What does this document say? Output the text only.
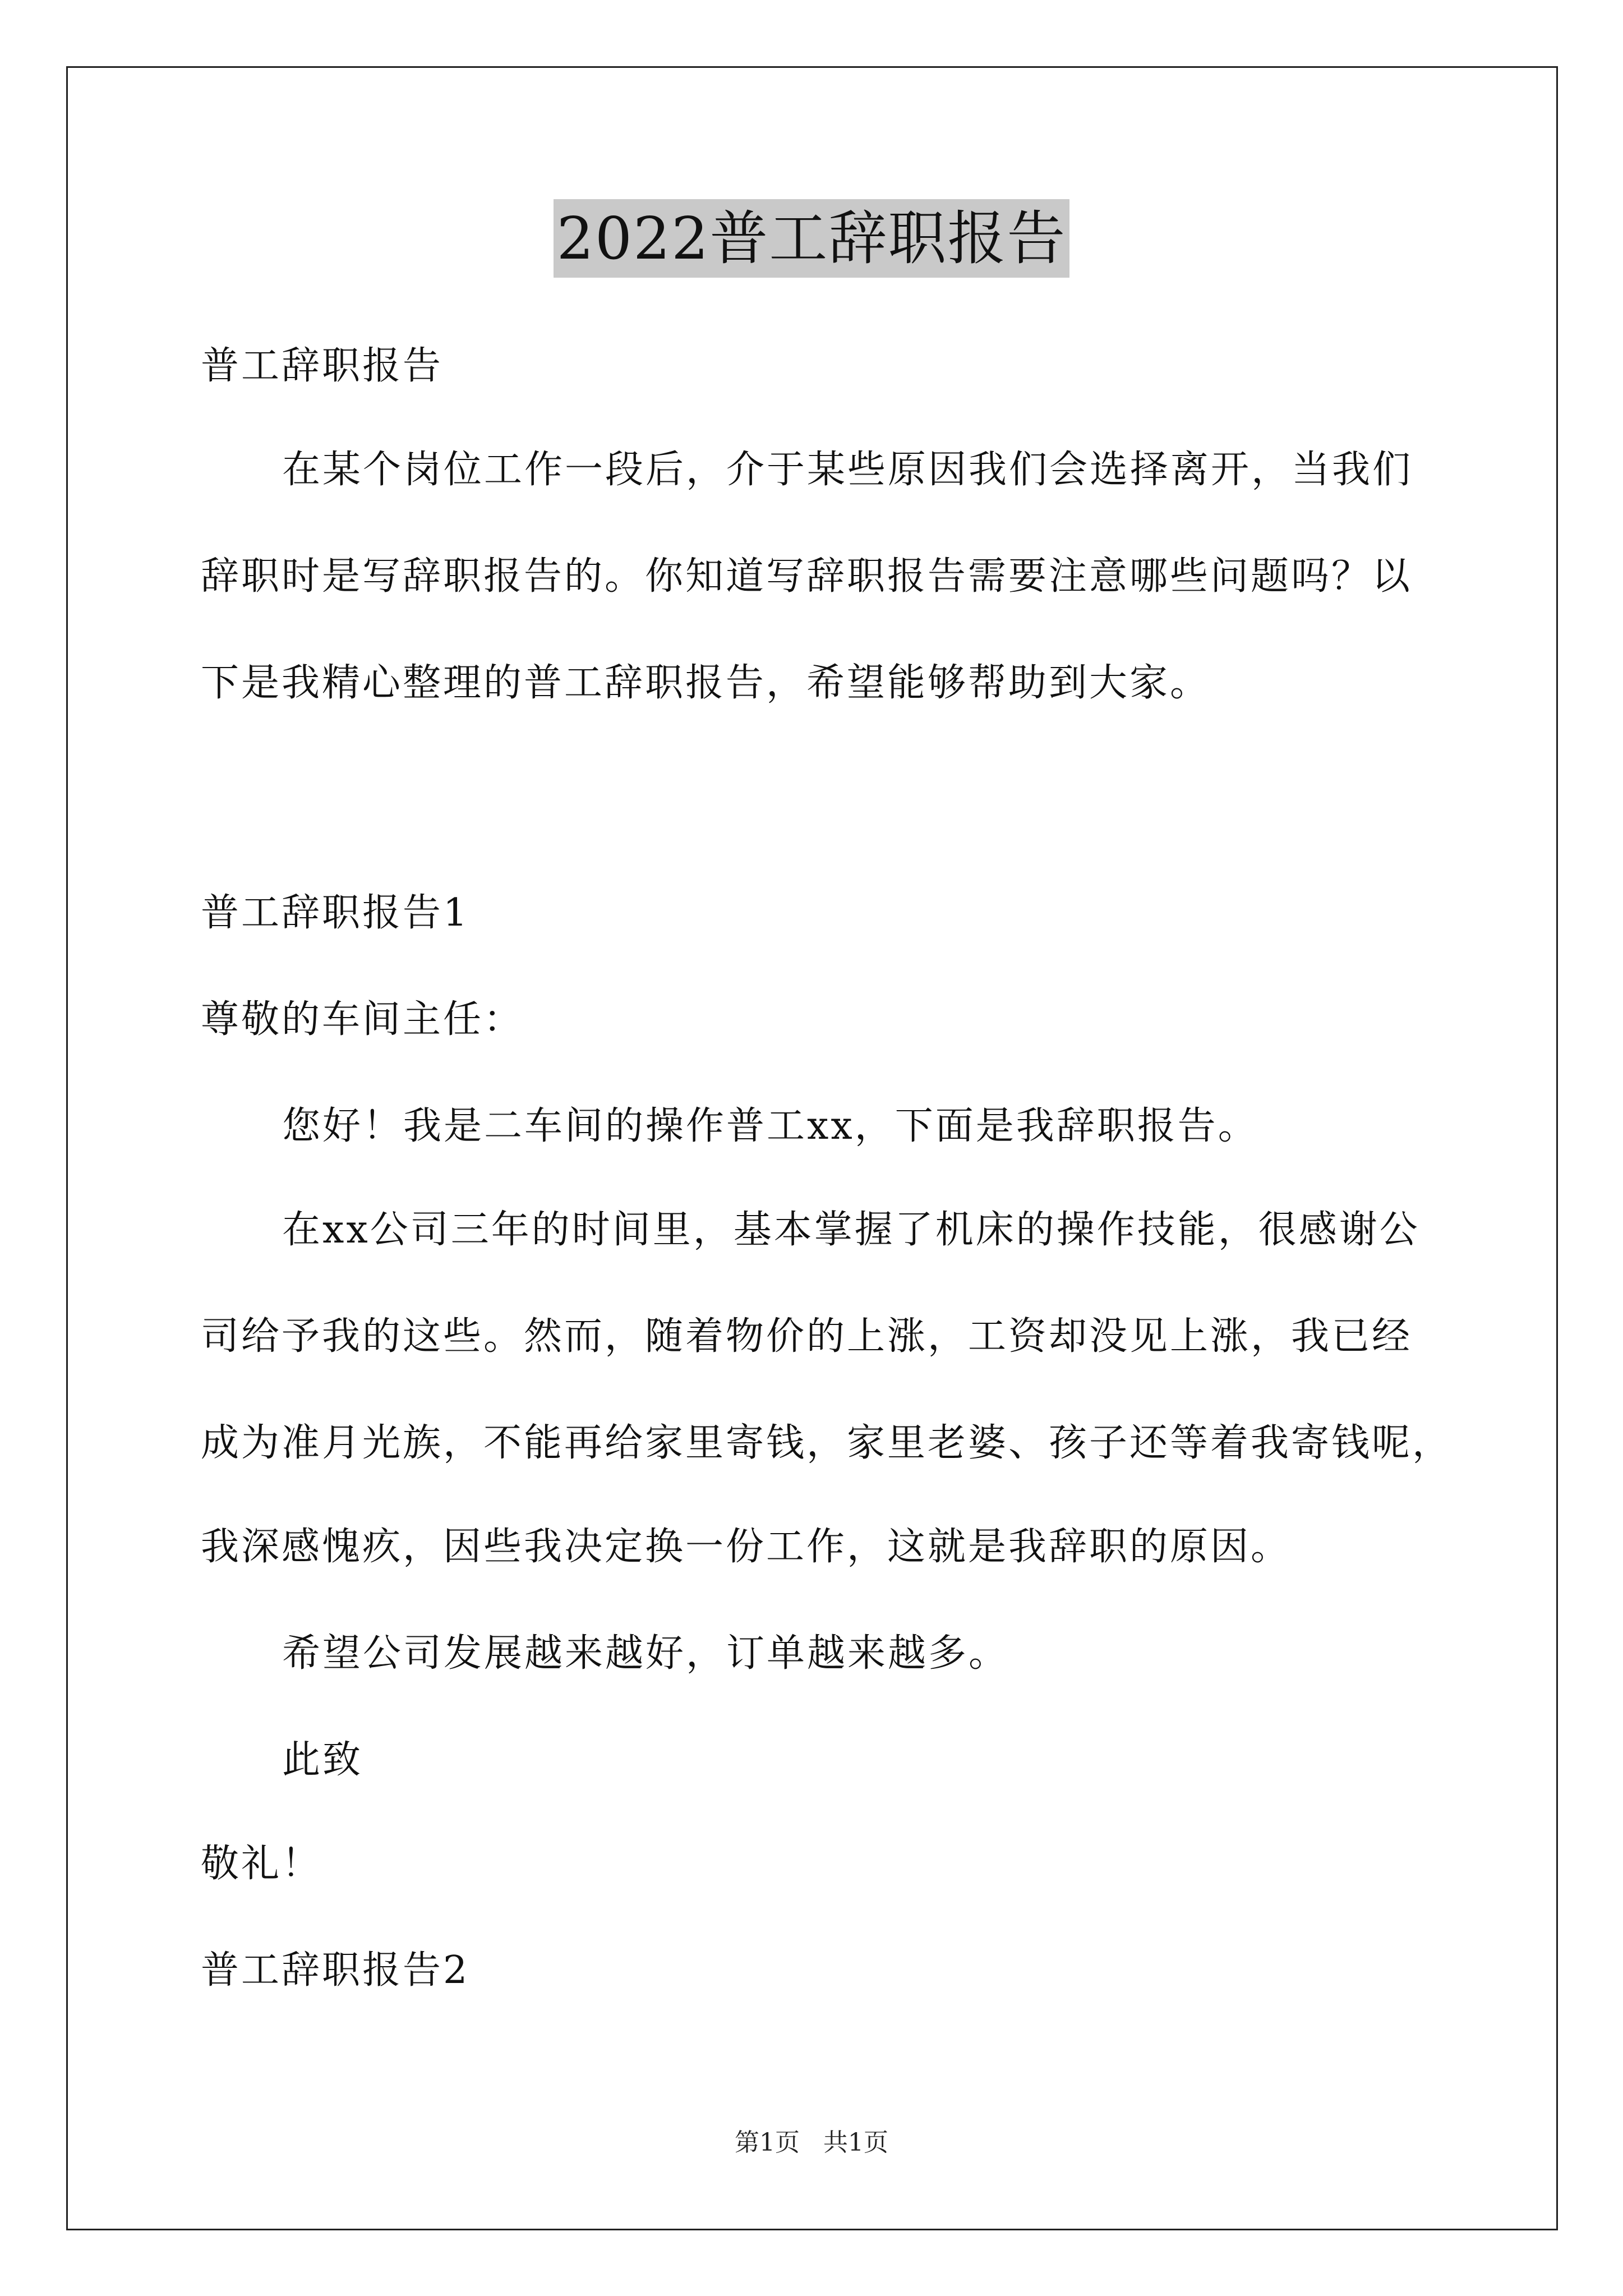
2022普工辞职报告
普工辞职报告
在某个岗位工作一段后，介于某些原因我们会选择离开，当我们
辞职时是写辞职报告的。你知道写辞职报告需要注意哪些问题吗？以
下是我精心整理的普工辞职报告，希望能够帮助到大家。
普工辞职报告1
尊敬的车间主任：
您好！我是二车间的操作普工xx，下面是我辞职报告。
在xx公司三年的时间里，基本掌握了机床的操作技能，很感谢公
司给予我的这些。然而，随着物价的上涨，工资却没见上涨，我已经
成为准月光族，不能再给家里寄钱，家里老婆、孩子还等着我寄钱呢，
我深感愧疚，因些我决定换一份工作，这就是我辞职的原因。
希望公司发展越来越好，订单越来越多。
此致
敬礼！
普工辞职报告2
第1页   共1页
